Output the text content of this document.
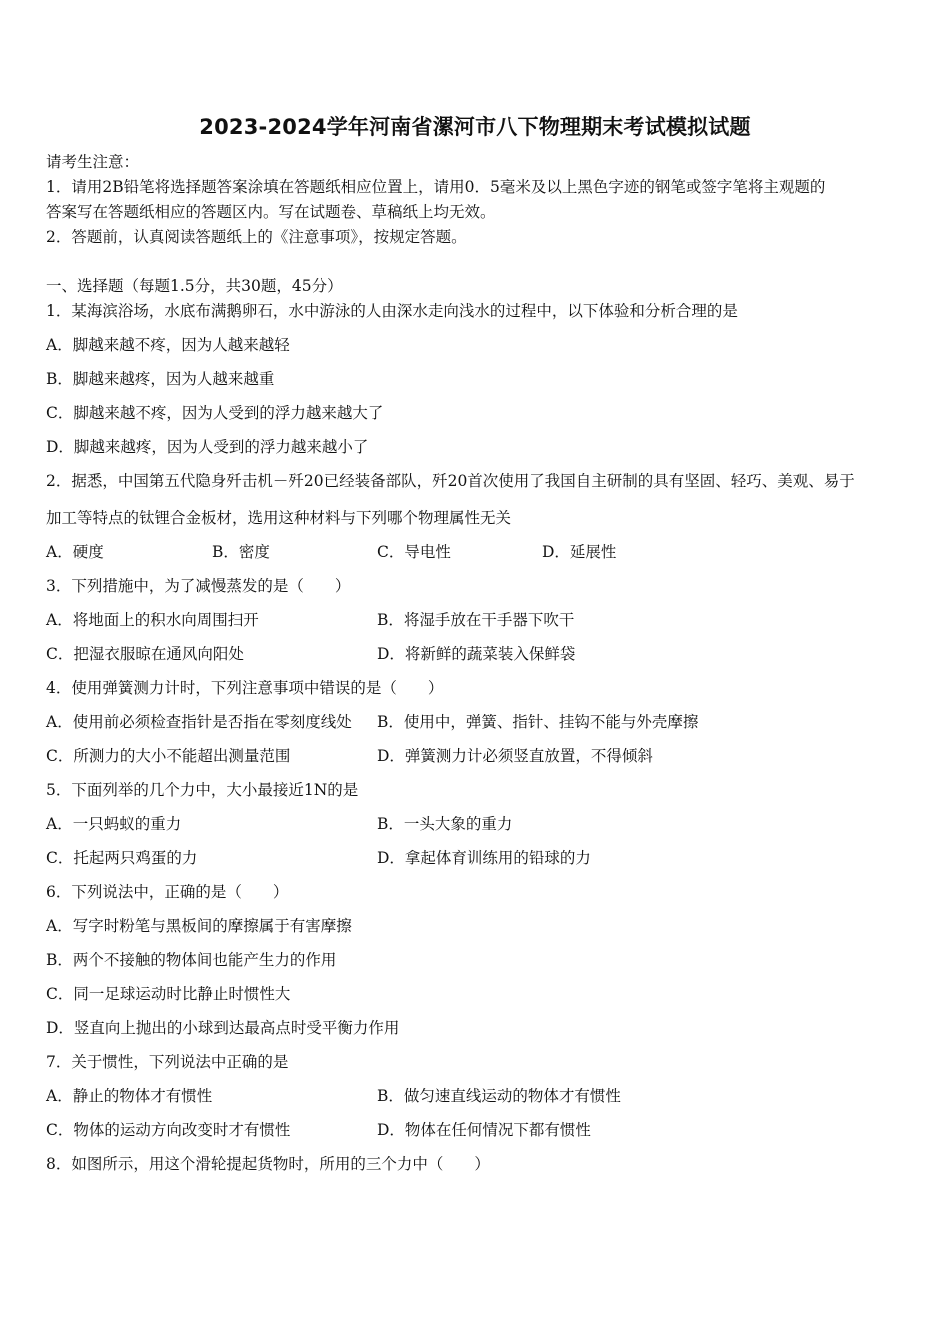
2023-2024学年河南省漯河市八下物理期末考试模拟试题
请考生注意：
1．请用2B铅笔将选择题答案涂填在答题纸相应位置上，请用0．5毫米及以上黑色字迹的钢笔或签字笔将主观题的
答案写在答题纸相应的答题区内。写在试题卷、草稿纸上均无效。
2．答题前，认真阅读答题纸上的《注意事项》，按规定答题。
一、选择题（每题1.5分，共30题，45分）
1．某海滨浴场，水底布满鹅卵石，水中游泳的人由深水走向浅水的过程中，以下体验和分析合理的是
A．脚越来越不疼，因为人越来越轻
B．脚越来越疼，因为人越来越重
C．脚越来越不疼，因为人受到的浮力越来越大了
D．脚越来越疼，因为人受到的浮力越来越小了
2．据悉，中国第五代隐身歼击机－歼20已经装备部队，歼20首次使用了我国自主研制的具有坚固、轻巧、美观、易于
加工等特点的钛锂合金板材，选用这种材料与下列哪个物理属性无关
A．硬度	B．密度	C．导电性	D．延展性
3．下列措施中，为了减慢蒸发的是（　　）
A．将地面上的积水向周围扫开	B．将湿手放在干手器下吹干
C．把湿衣服晾在通风向阳处	D．将新鲜的蔬菜装入保鲜袋
4．使用弹簧测力计时，下列注意事项中错误的是（　　）
A．使用前必须检查指针是否指在零刻度线处 B．使用中，弹簧、指针、挂钩不能与外壳摩擦
C．所测力的大小不能超出测量范围	D．弹簧测力计必须竖直放置，不得倾斜
5．下面列举的几个力中，大小最接近1N的是
A．一只蚂蚁的重力	B．一头大象的重力
C．托起两只鸡蛋的力	D．拿起体育训练用的铅球的力
6．下列说法中，正确的是（　　）
A．写字时粉笔与黑板间的摩擦属于有害摩擦
B．两个不接触的物体间也能产生力的作用
C．同一足球运动时比静止时惯性大
D．竖直向上抛出的小球到达最高点时受平衡力作用
7．关于惯性，下列说法中正确的是
A．静止的物体才有惯性	B．做匀速直线运动的物体才有惯性
C．物体的运动方向改变时才有惯性	D．物体在任何情况下都有惯性
8．如图所示，用这个滑轮提起货物时，所用的三个力中（　　）
